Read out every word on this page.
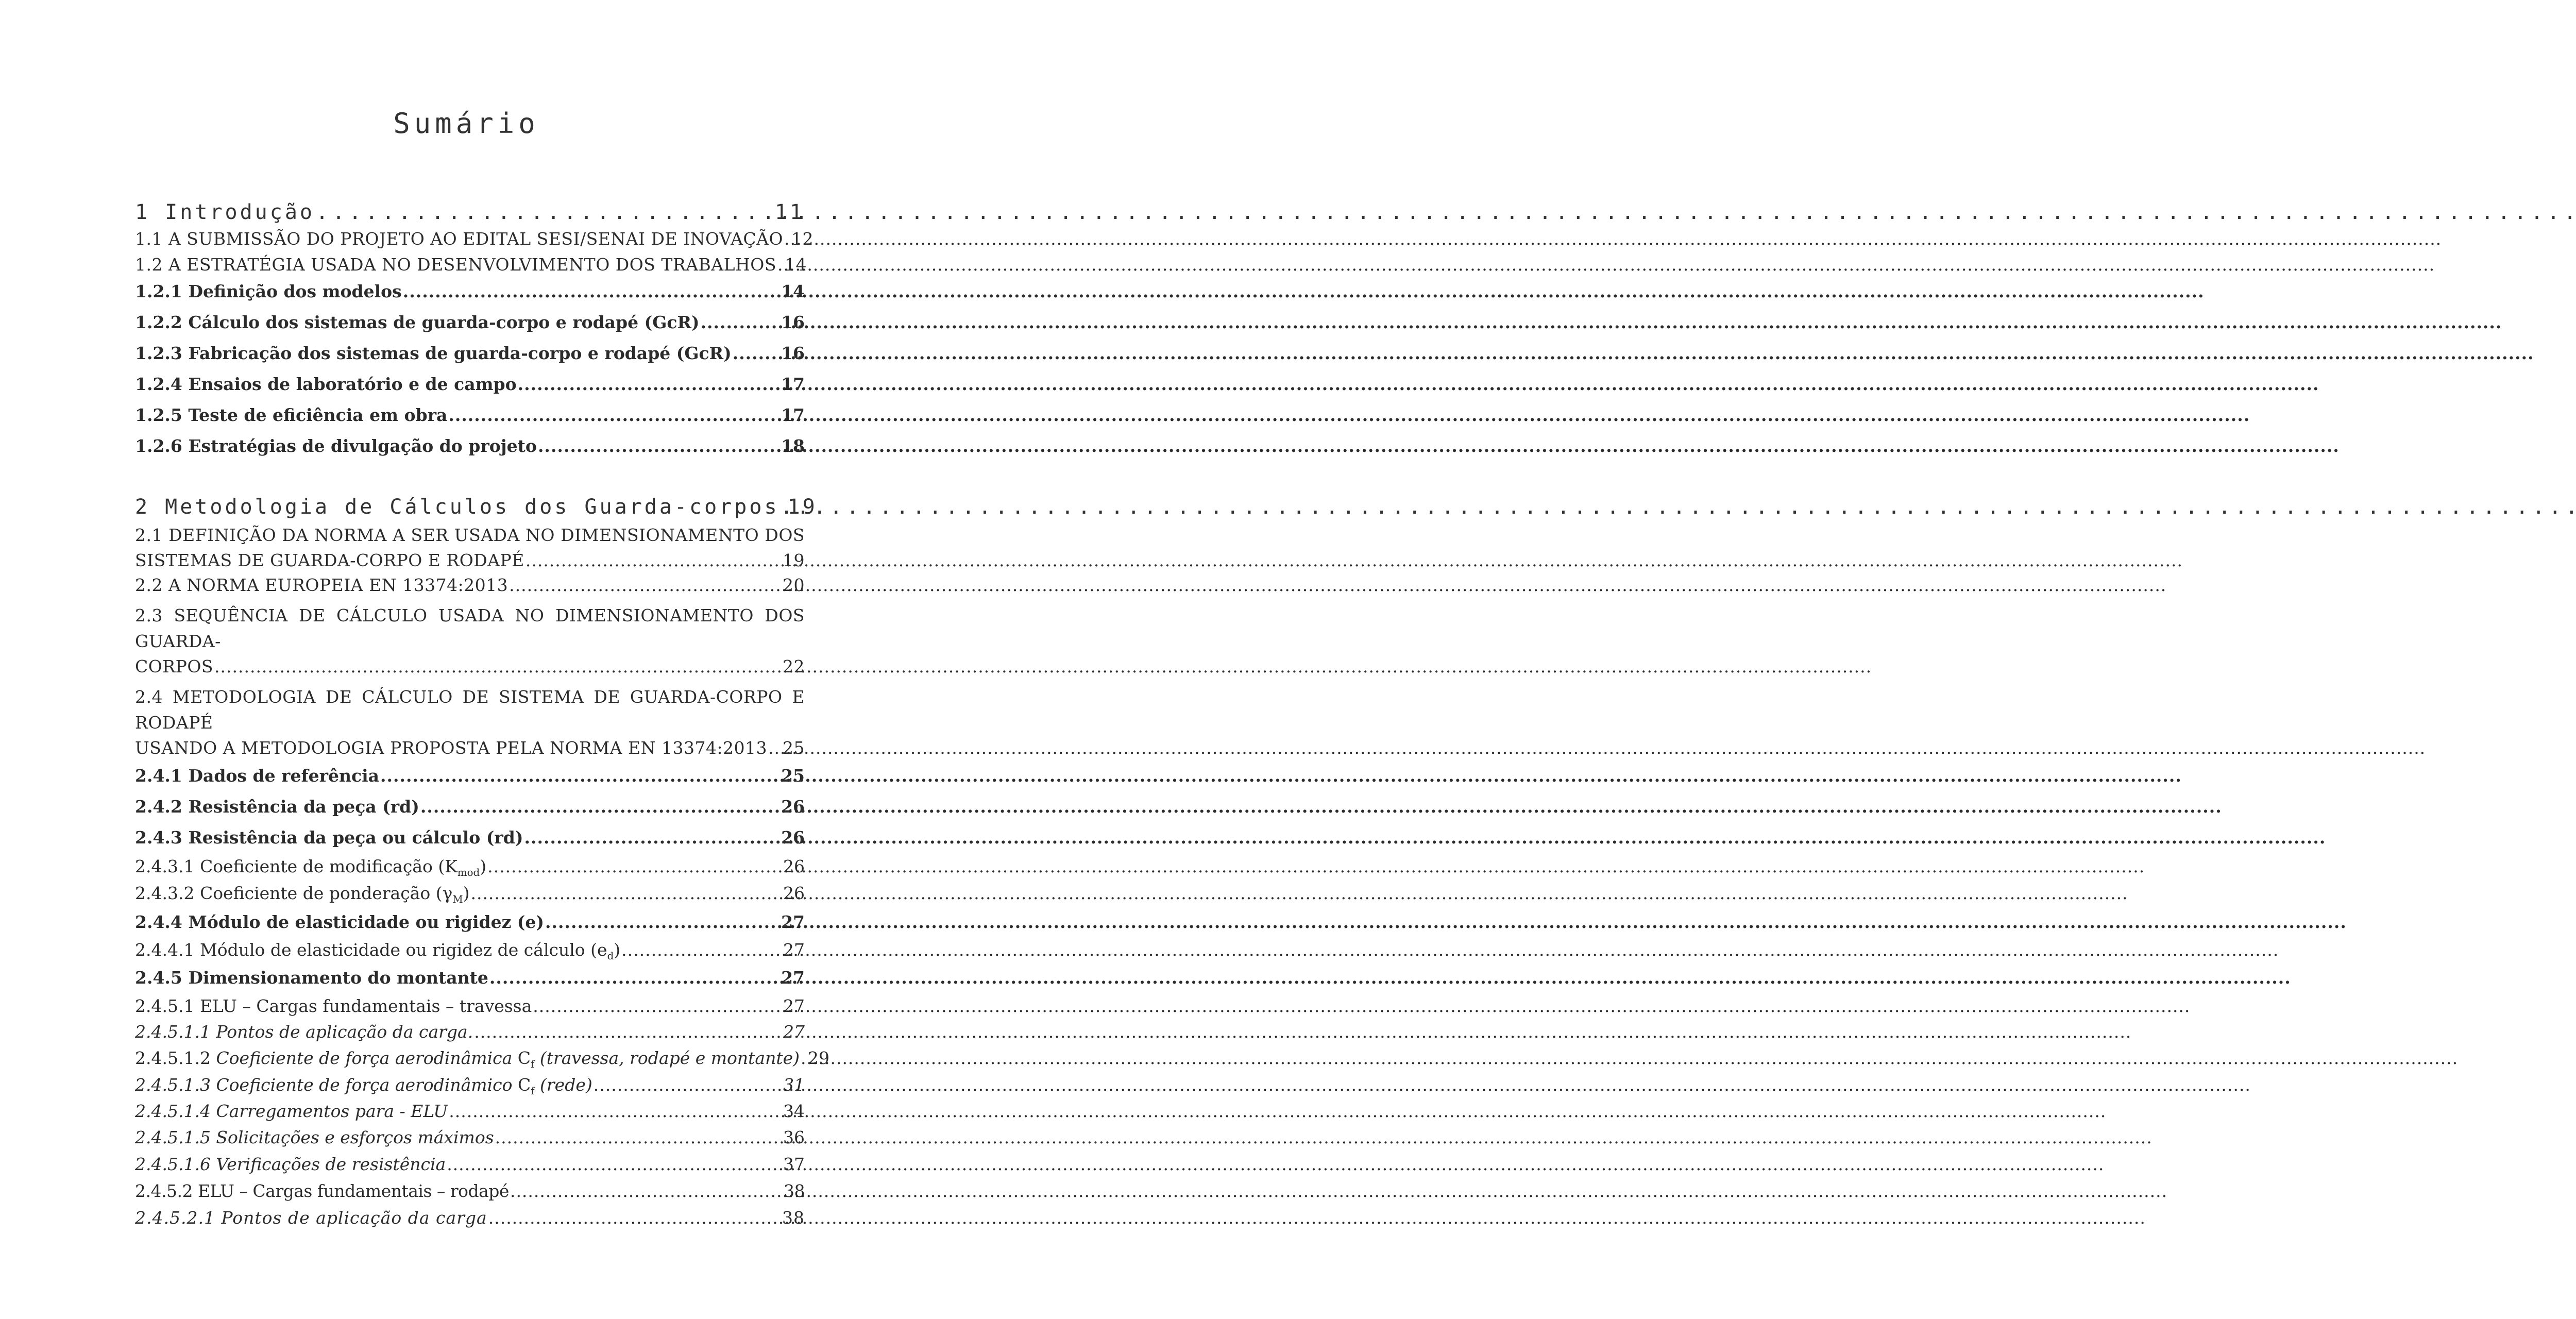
Sumário
1 Introdução .....	11
1.1 A SUBMISSÃO DO PROJETO AO EDITAL SESI/SENAI DE INOVAÇÃO ..... 12
1.2 A ESTRATÉGIA USADA NO DESENVOLVIMENTO DOS TRABALHOS ..... 14
1.2.1 Definição dos modelos .....	14
1.2.2 Cálculo dos sistemas de guarda-corpo e rodapé (GcR) .....	16
1.2.3 Fabricação dos sistemas de guarda-corpo e rodapé (GcR) .....	16
1.2.4 Ensaios de laboratório e de campo .....	17
1.2.5 Teste de eficiência em obra .....	17
1.2.6 Estratégias de divulgação do projeto .....	18
2 Metodologia de Cálculos dos Guarda-corpos ..... 19
2.1 DEFINIÇÃO DA NORMA A SER USADA NO DIMENSIONAMENTO DOS
SISTEMAS DE GUARDA-CORPO E RODAPÉ .....	19
2.2 A NORMA EUROPEIA EN 13374:2013 .....	20
2.3 SEQUÊNCIA DE CÁLCULO USADA NO DIMENSIONAMENTO DOS GUARDA-
CORPOS .....	22
2.4 METODOLOGIA DE CÁLCULO DE SISTEMA DE GUARDA-CORPO E RODAPÉ
USANDO A METODOLOGIA PROPOSTA PELA NORMA EN 13374:2013 ..... 25
2.4.1 Dados de referência .....	25
2.4.2 Resistência da peça (rd) .....	26
2.4.3 Resistência da peça ou cálculo (rd) .....	26
2.4.3.1 Coeficiente de modificação $(K_{mod})$ .....	26
2.4.3.2 Coeficiente de ponderação $(\gamma_M)$ .....	26
2.4.4 Módulo de elasticidade ou rigidez (e) .....	27
2.4.4.1 Módulo de elasticidade ou rigidez de cálculo $(e_d)$ .....	27
2.4.5 Dimensionamento do montante .....	27
2.4.5.1 ELU – Cargas fundamentais – travessa .....	27
2.4.5.1.1 Pontos de aplicação da carga. .....	27
2.4.5.1.2 Coeficiente de força aerodinâmica $C_f$ (travessa, rodapé e montante) ..... 29
2.4.5.1.3 Coeficiente de força aerodinâmico $C_f$ (rede) .....	31
2.4.5.1.4 Carregamentos para - ELU .....	34
2.4.5.1.5 Solicitações e esforços máximos .....	36
2.4.5.1.6 Verificações de resistência .....	37
2.4.5.2 ELU – Cargas fundamentais – rodapé .....	38
2.4.5.2.1 Pontos de aplicação da carga .....	38
